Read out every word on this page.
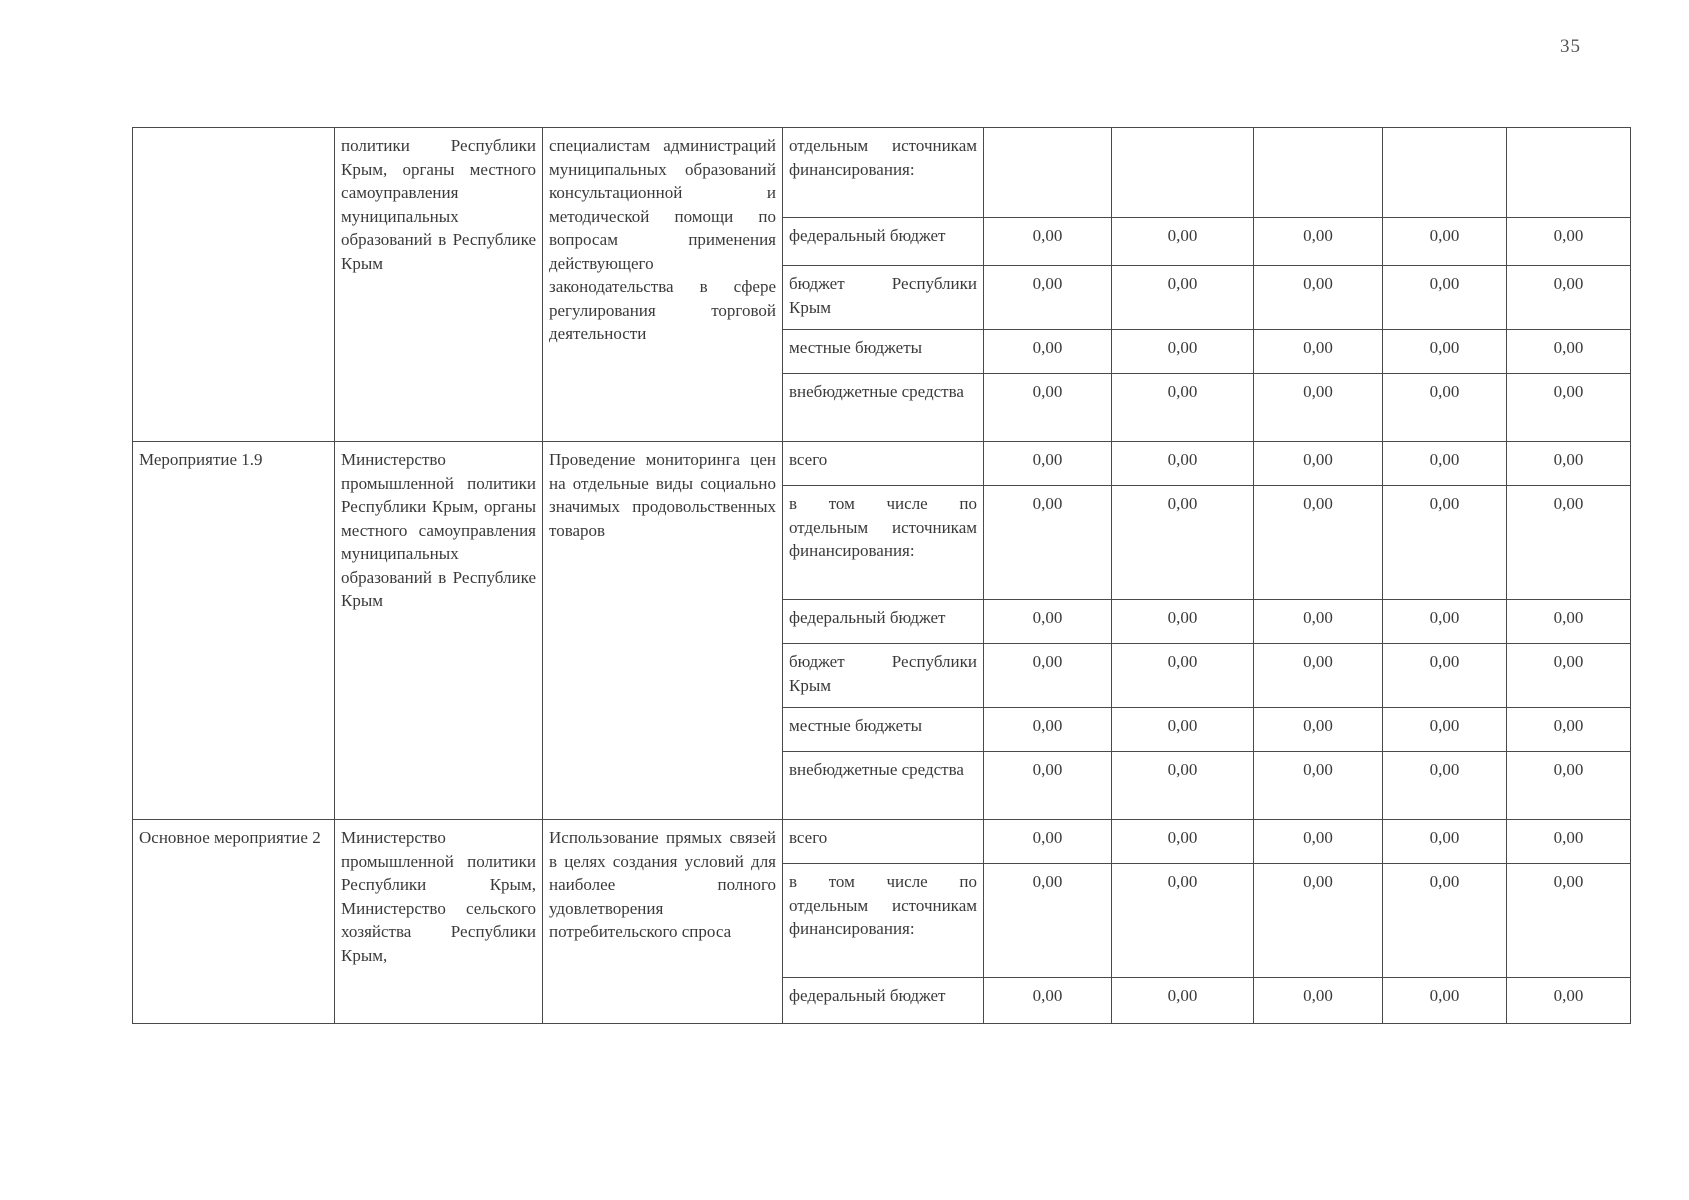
35
	политики Республики Крым, органы местного самоуправления муниципальных образований в Республике Крым	специалистам администраций муниципальных образований консультационной и методической помощи по вопросам применения действующего законодательства в сфере регулирования торговой деятельности	отдельным источникам финансирования:					
			федеральный бюджет	0,00	0,00	0,00	0,00	0,00
			бюджет Республики Крым	0,00	0,00	0,00	0,00	0,00
			местные бюджеты	0,00	0,00	0,00	0,00	0,00
			внебюджетные средства	0,00	0,00	0,00	0,00	0,00
Мероприятие 1.9	Министерство промышленной политики Республики Крым, органы местного самоуправления муниципальных образований в Республике Крым	Проведение мониторинга цен на отдельные виды социально значимых продовольственных товаров	всего	0,00	0,00	0,00	0,00	0,00
			в том числе по отдельным источникам финансирования:	0,00	0,00	0,00	0,00	0,00
			федеральный бюджет	0,00	0,00	0,00	0,00	0,00
			бюджет Республики Крым	0,00	0,00	0,00	0,00	0,00
			местные бюджеты	0,00	0,00	0,00	0,00	0,00
			внебюджетные средства	0,00	0,00	0,00	0,00	0,00
Основное мероприятие 2	Министерство промышленной политики Республики Крым, Министерство сельского хозяйства Республики Крым,	Использование прямых связей в целях создания условий для наиболее полного удовлетворения потребительского спроса	всего	0,00	0,00	0,00	0,00	0,00
			в том числе по отдельным источникам финансирования:	0,00	0,00	0,00	0,00	0,00
			федеральный бюджет	0,00	0,00	0,00	0,00	0,00
